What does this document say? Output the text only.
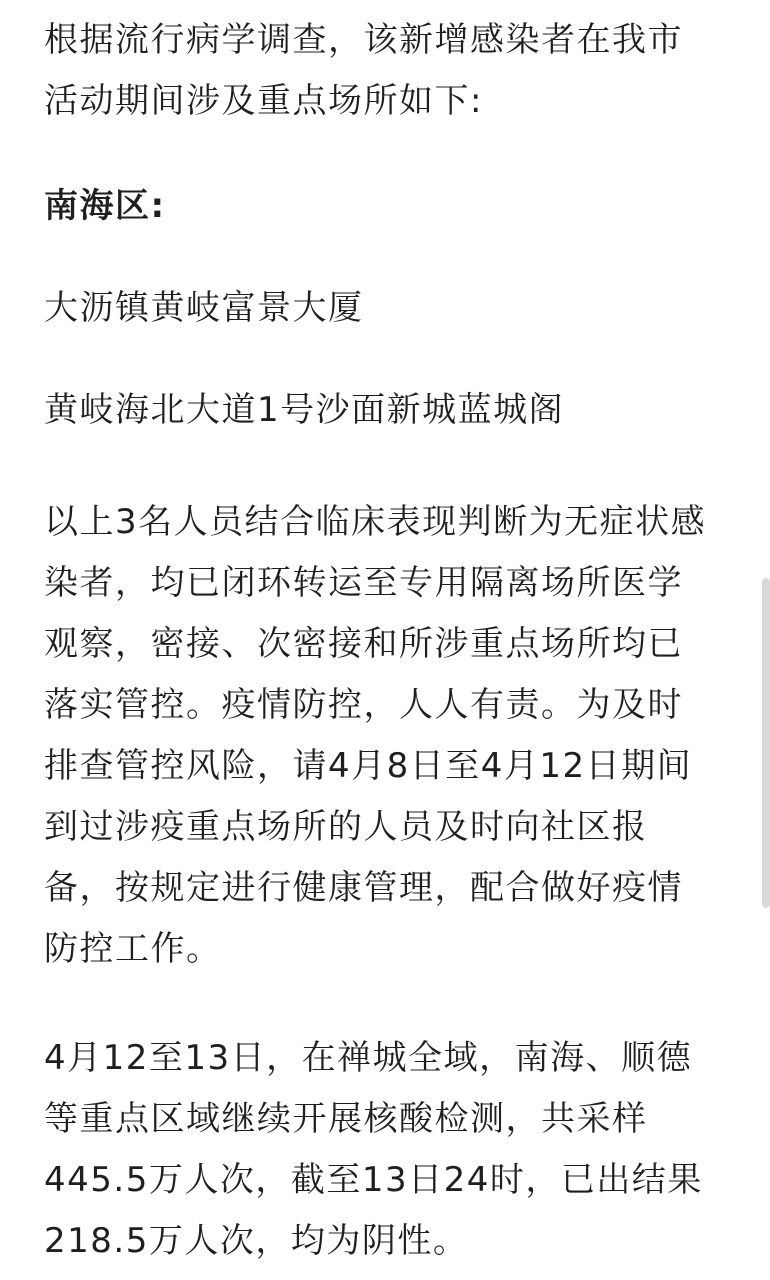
根据流行病学调查，该新增感染者在我市
活动期间涉及重点场所如下:

南海区:

大沥镇黄岐富景大厦

黄岐海北大道1号沙面新城蓝城阁

以上3名人员结合临床表现判断为无症状感
染者，均已闭环转运至专用隔离场所医学
观察，密接、次密接和所涉重点场所均已
落实管控。疫情防控，人人有责。为及时
排查管控风险，请4月8日至4月12日期间
到过涉疫重点场所的人员及时向社区报
备，按规定进行健康管理，配合做好疫情
防控工作。

4月12至13日，在禅城全域，南海、顺德
等重点区域继续开展核酸检测，共采样
445.5万人次，截至13日24时，已出结果
218.5万人次，均为阴性。
